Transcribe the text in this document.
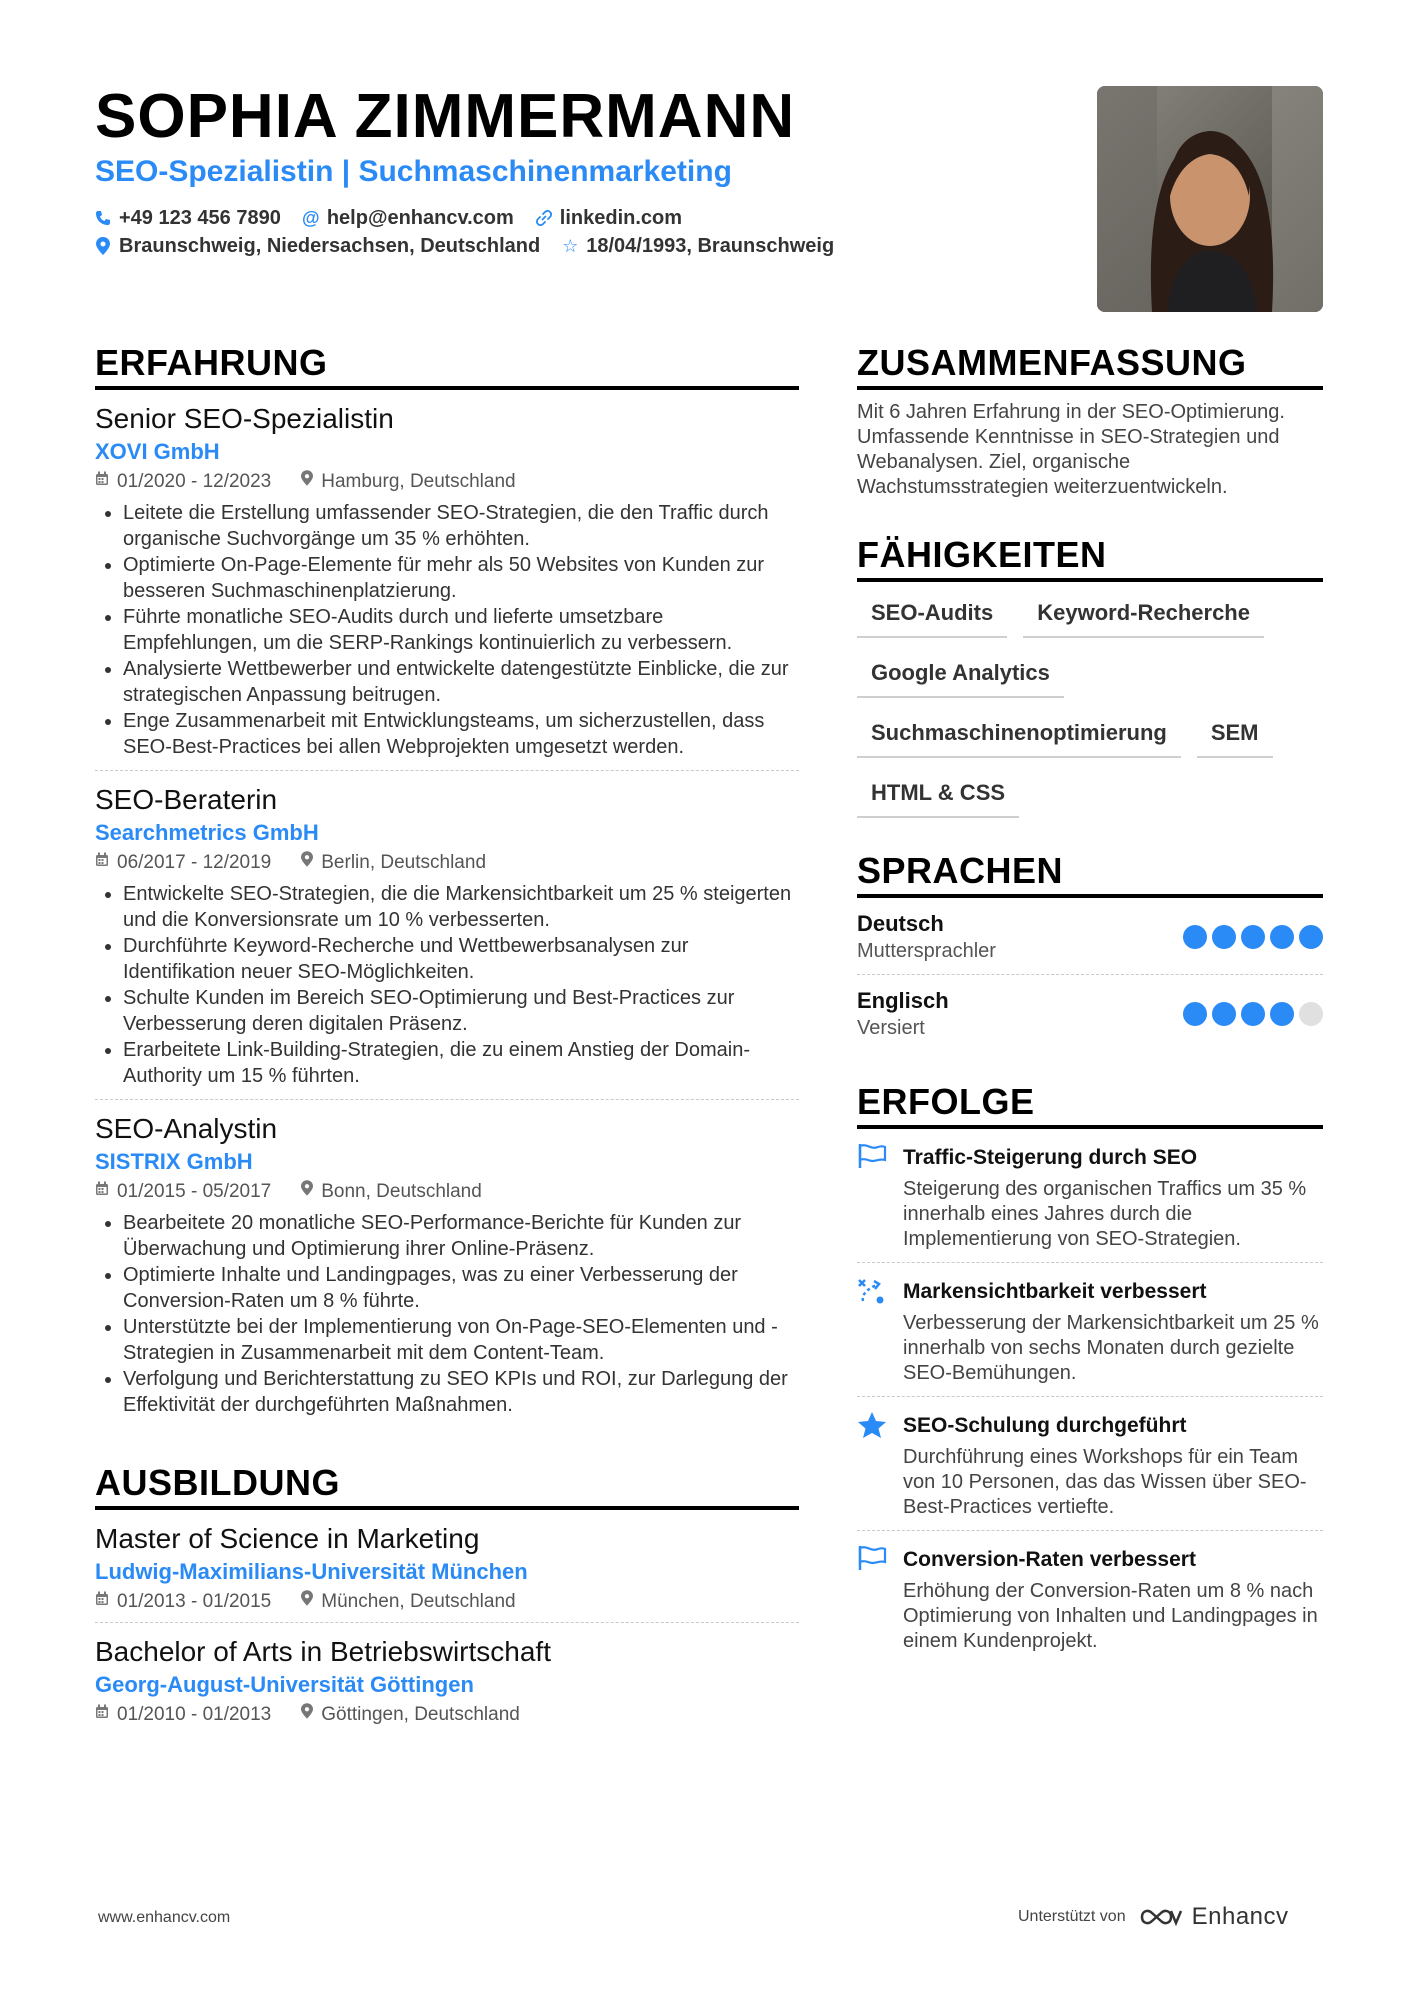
SOPHIA ZIMMERMANN
SEO-Spezialistin | Suchmaschinenmarketing
+49 123 456 7890 @ help@enhancv.com linkedin.com
Braunschweig, Niedersachsen, Deutschland ☆ 18/04/1993, Braunschweig
ERFAHRUNG
Senior SEO-Spezialistin
XOVI GmbH
01/2020 - 12/2023	Hamburg, Deutschland
• Leitete die Erstellung umfassender SEO-Strategien, die den Traffic durch organische Suchvorgänge um 35 % erhöhten.
• Optimierte On-Page-Elemente für mehr als 50 Websites von Kunden zur besseren Suchmaschinenplatzierung.
• Führte monatliche SEO-Audits durch und lieferte umsetzbare Empfehlungen, um die SERP-Rankings kontinuierlich zu verbessern.
• Analysierte Wettbewerber und entwickelte datengestützte Einblicke, die zur strategischen Anpassung beitrugen.
• Enge Zusammenarbeit mit Entwicklungsteams, um sicherzustellen, dass SEO-Best-Practices bei allen Webprojekten umgesetzt werden.
SEO-Beraterin
Searchmetrics GmbH
06/2017 - 12/2019	Berlin, Deutschland
• Entwickelte SEO-Strategien, die die Markensichtbarkeit um 25 % steigerten und die Konversionsrate um 10 % verbesserten.
• Durchführte Keyword-Recherche und Wettbewerbsanalysen zur Identifikation neuer SEO-Möglichkeiten.
• Schulte Kunden im Bereich SEO-Optimierung und Best-Practices zur Verbesserung deren digitalen Präsenz.
• Erarbeitete Link-Building-Strategien, die zu einem Anstieg der Domain-Authority um 15 % führten.
SEO-Analystin
SISTRIX GmbH
01/2015 - 05/2017	Bonn, Deutschland
• Bearbeitete 20 monatliche SEO-Performance-Berichte für Kunden zur Überwachung und Optimierung ihrer Online-Präsenz.
• Optimierte Inhalte und Landingpages, was zu einer Verbesserung der Conversion-Raten um 8 % führte.
• Unterstützte bei der Implementierung von On-Page-SEO-Elementen und -Strategien in Zusammenarbeit mit dem Content-Team.
• Verfolgung und Berichterstattung zu SEO KPIs und ROI, zur Darlegung der Effektivität der durchgeführten Maßnahmen.
AUSBILDUNG
Master of Science in Marketing
Ludwig-Maximilians-Universität München
01/2013 - 01/2015	München, Deutschland
Bachelor of Arts in Betriebswirtschaft
Georg-August-Universität Göttingen
01/2010 - 01/2013	Göttingen, Deutschland
ZUSAMMENFASSUNG
Mit 6 Jahren Erfahrung in der SEO-Optimierung. Umfassende Kenntnisse in SEO-Strategien und Webanalysen. Ziel, organische Wachstumsstrategien weiterzuentwickeln.
FÄHIGKEITEN
SEO-Audits	Keyword-Recherche
Google Analytics
Suchmaschinenoptimierung	SEM
HTML & CSS
SPRACHEN
Deutsch
Muttersprachler
Englisch
Versiert
ERFOLGE
Traffic-Steigerung durch SEO
Steigerung des organischen Traffics um 35 % innerhalb eines Jahres durch die Implementierung von SEO-Strategien.
Markensichtbarkeit verbessert
Verbesserung der Markensichtbarkeit um 25 % innerhalb von sechs Monaten durch gezielte SEO-Bemühungen.
SEO-Schulung durchgeführt
Durchführung eines Workshops für ein Team von 10 Personen, das das Wissen über SEO-Best-Practices vertiefte.
Conversion-Raten verbessert
Erhöhung der Conversion-Raten um 8 % nach Optimierung von Inhalten und Landingpages in einem Kundenprojekt.
www.enhancv.com	Unterstützt von	Enhancv
